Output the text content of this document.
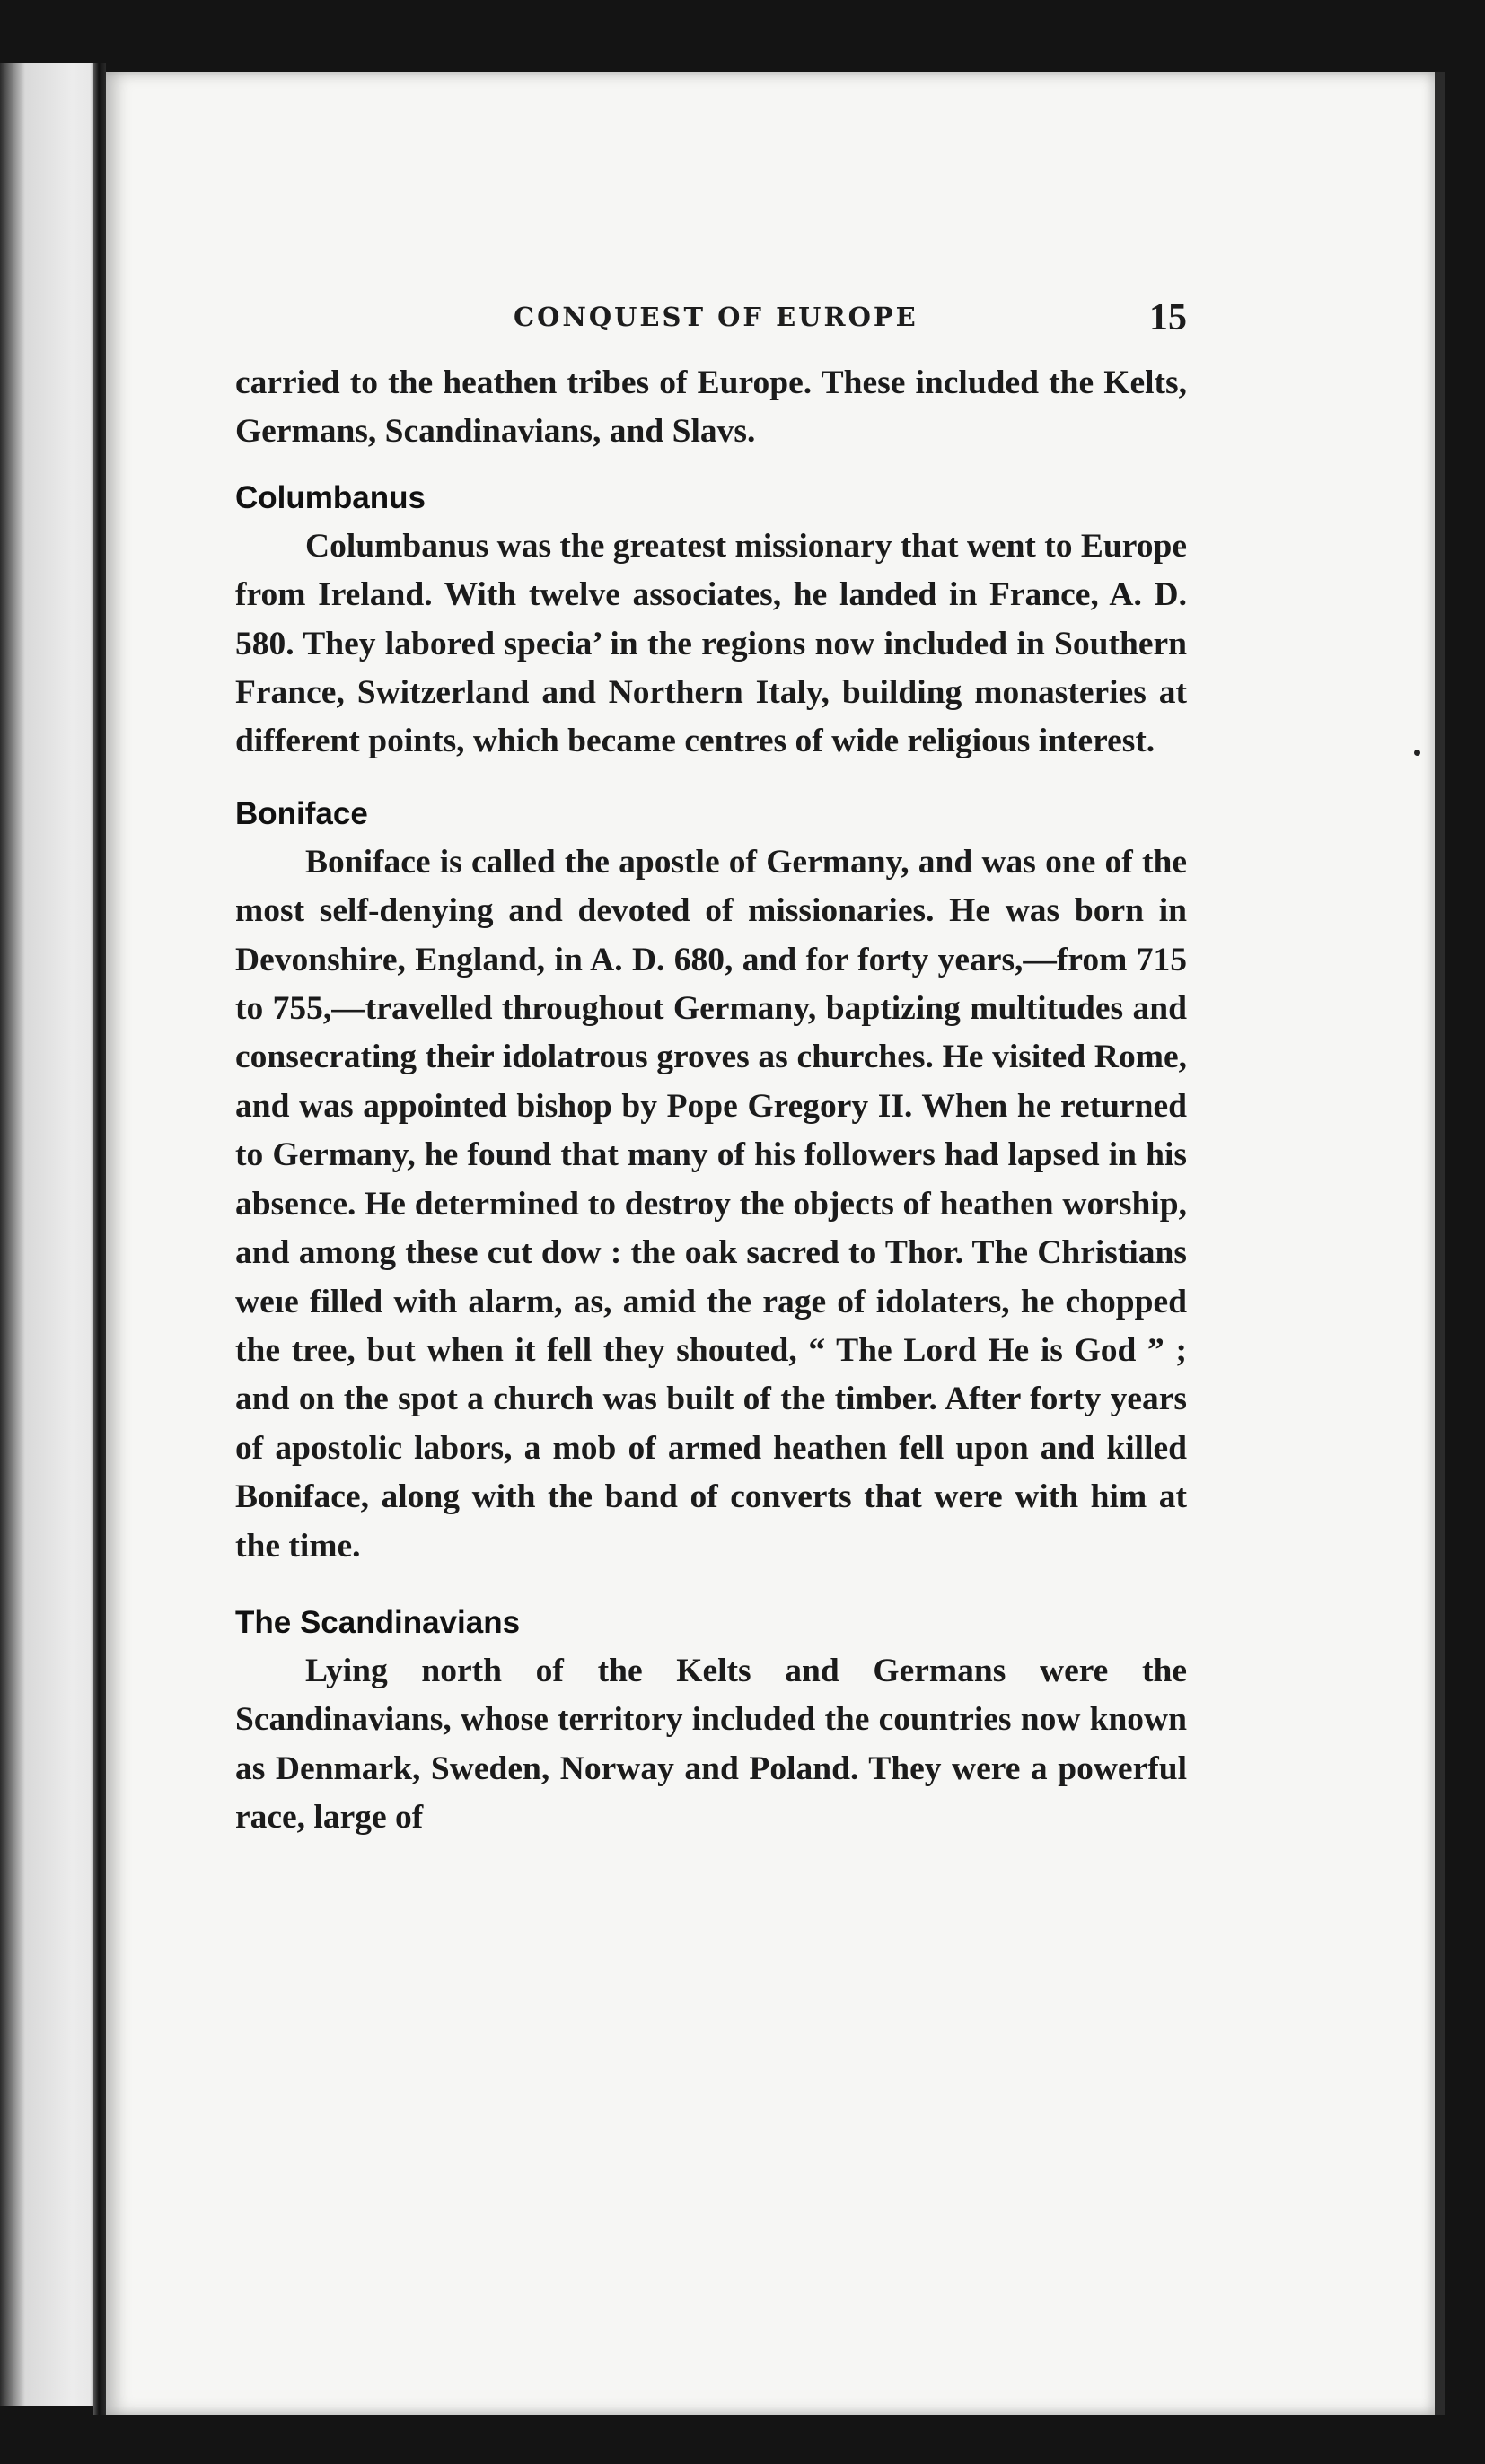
CONQUEST OF EUROPE	15

carried to the heathen tribes of Europe. These included the Kelts, Germans, Scandinavians, and Slavs.

Columbanus

Columbanus was the greatest missionary that went to Europe from Ireland. With twelve associates, he landed in France, A. D. 580. They labored specia’ in the regions now included in Southern France, Switzerland and Northern Italy, building monasteries at different points, which became centres of wide religious interest.

Boniface

Boniface is called the apostle of Germany, and was one of the most self-denying and devoted of missionaries. He was born in Devonshire, England, in A. D. 680, and for forty years,—from 715 to 755,—travelled throughout Germany, baptizing multitudes and consecrating their idolatrous groves as churches. He visited Rome, and was appointed bishop by Pope Gregory II. When he returned to Germany, he found that many of his followers had lapsed in his absence. He determined to destroy the objects of heathen worship, and among these cut dow : the oak sacred to Thor. The Christians weıe filled with alarm, as, amid the rage of idolaters, he chopped the tree, but when it fell they shouted, “ The Lord He is God ” ; and on the spot a church was built of the timber. After forty years of apostolic labors, a mob of armed heathen fell upon and killed Boniface, along with the band of converts that were with him at the time.

The Scandinavians

Lying north of the Kelts and Germans were the Scandinavians, whose territory included the countries now known as Denmark, Sweden, Norway and Poland. They were a powerful race, large of
